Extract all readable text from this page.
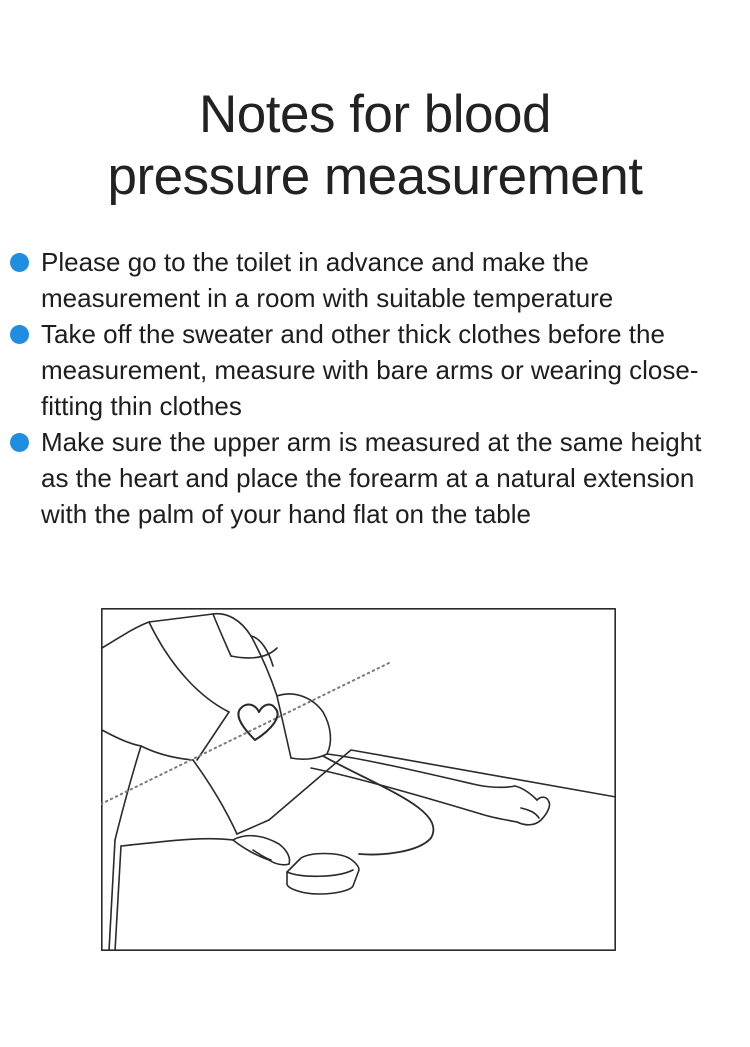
Notes for blood
pressure measurement
Please go to the toilet in advance and make the measurement in a room with suitable temperature
Take off the sweater and other thick clothes before the measurement, measure with bare arms or wearing close-fitting thin clothes
Make sure the upper arm is measured at the same height as the heart and place the forearm at a natural extension with the palm of your hand flat on the table
